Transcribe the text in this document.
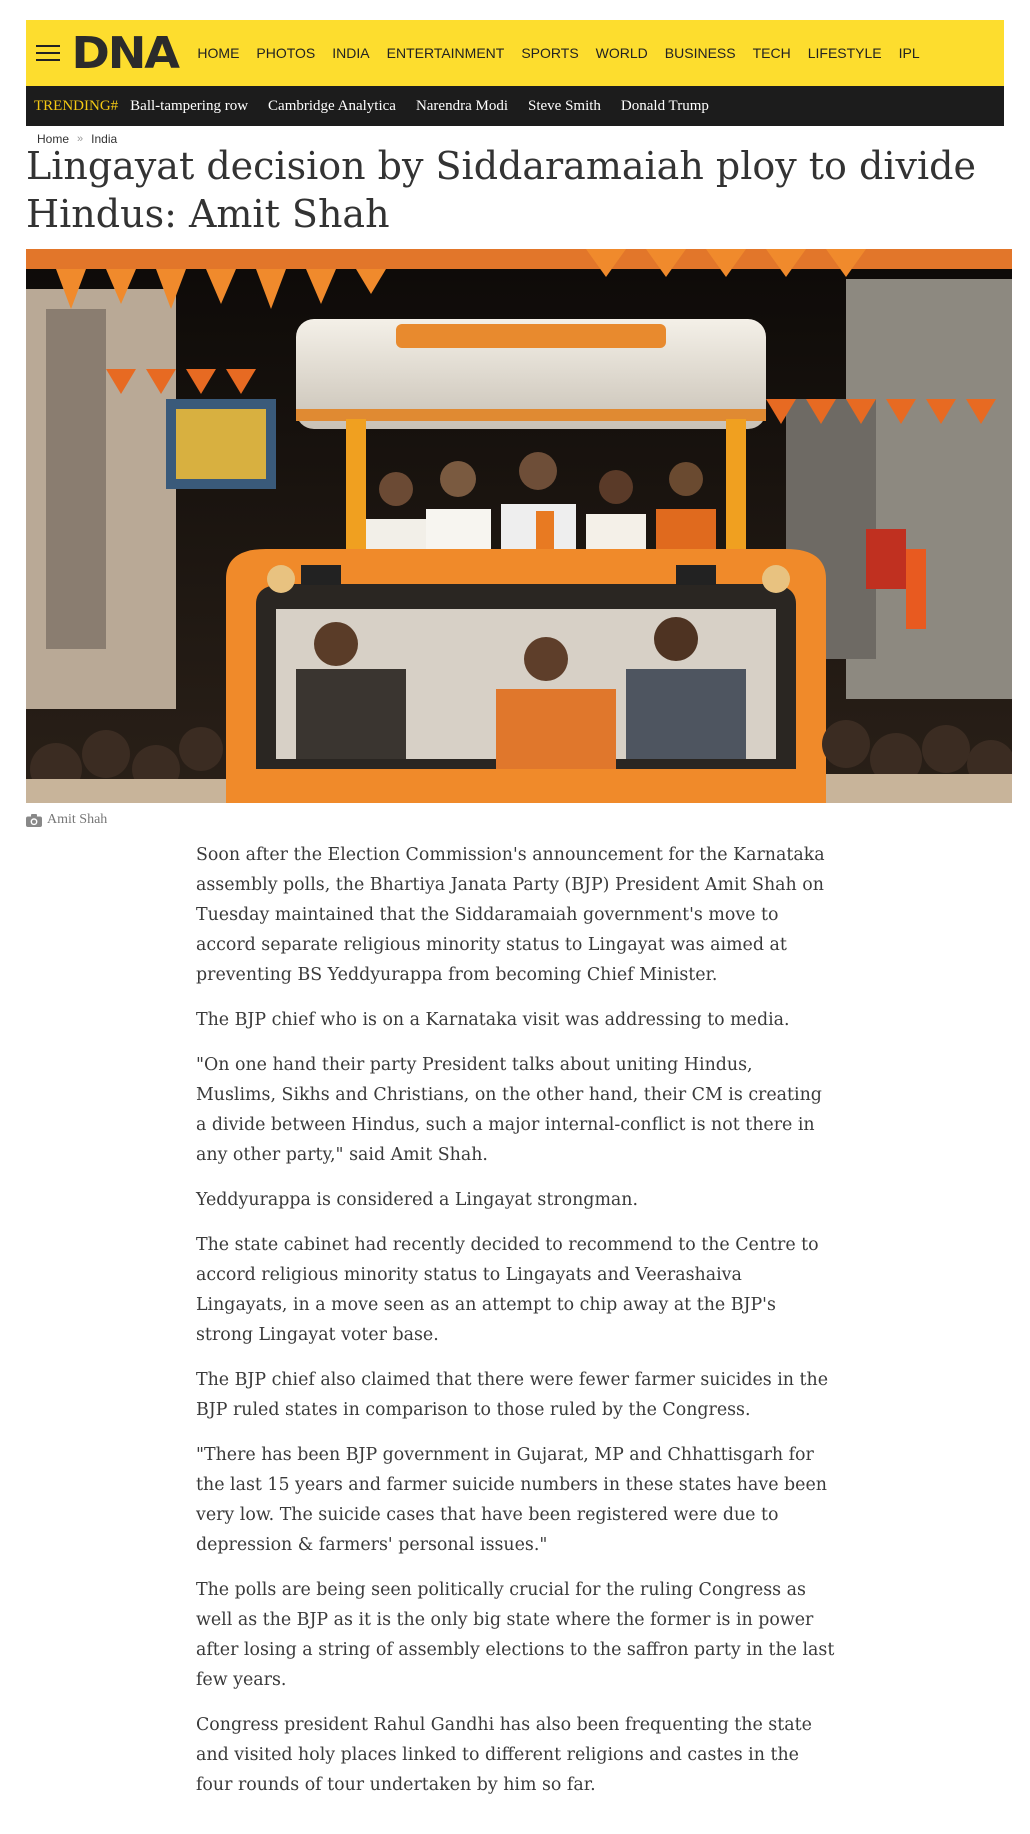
DNA HOME PHOTOS INDIA ENTERTAINMENT SPORTS WORLD BUSINESS TECH LIFESTYLE IPL
TRENDING# Ball-tampering row Cambridge Analytica Narendra Modi Steve Smith Donald Trump
Home » India
Lingayat decision by Siddaramaiah ploy to divide Hindus: Amit Shah
Amit Shah

Soon after the Election Commission's announcement for the Karnataka assembly polls, the Bhartiya Janata Party (BJP) President Amit Shah on Tuesday maintained that the Siddaramaiah government's move to accord separate religious minority status to Lingayat was aimed at preventing BS Yeddyurappa from becoming Chief Minister.

The BJP chief who is on a Karnataka visit was addressing to media.

"On one hand their party President talks about uniting Hindus, Muslims, Sikhs and Christians, on the other hand, their CM is creating a divide between Hindus, such a major internal-conflict is not there in any other party," said Amit Shah.

Yeddyurappa is considered a Lingayat strongman.

The state cabinet had recently decided to recommend to the Centre to accord religious minority status to Lingayats and Veerashaiva Lingayats, in a move seen as an attempt to chip away at the BJP's strong Lingayat voter base.

The BJP chief also claimed that there were fewer farmer suicides in the BJP ruled states in comparison to those ruled by the Congress.

"There has been BJP government in Gujarat, MP and Chhattisgarh for the last 15 years and farmer suicide numbers in these states have been very low. The suicide cases that have been registered were due to depression & farmers' personal issues."

The polls are being seen politically crucial for the ruling Congress as well as the BJP as it is the only big state where the former is in power after losing a string of assembly elections to the saffron party in the last few years.

Congress president Rahul Gandhi has also been frequenting the state and visited holy places linked to different religions and castes in the four rounds of tour undertaken by him so far.
